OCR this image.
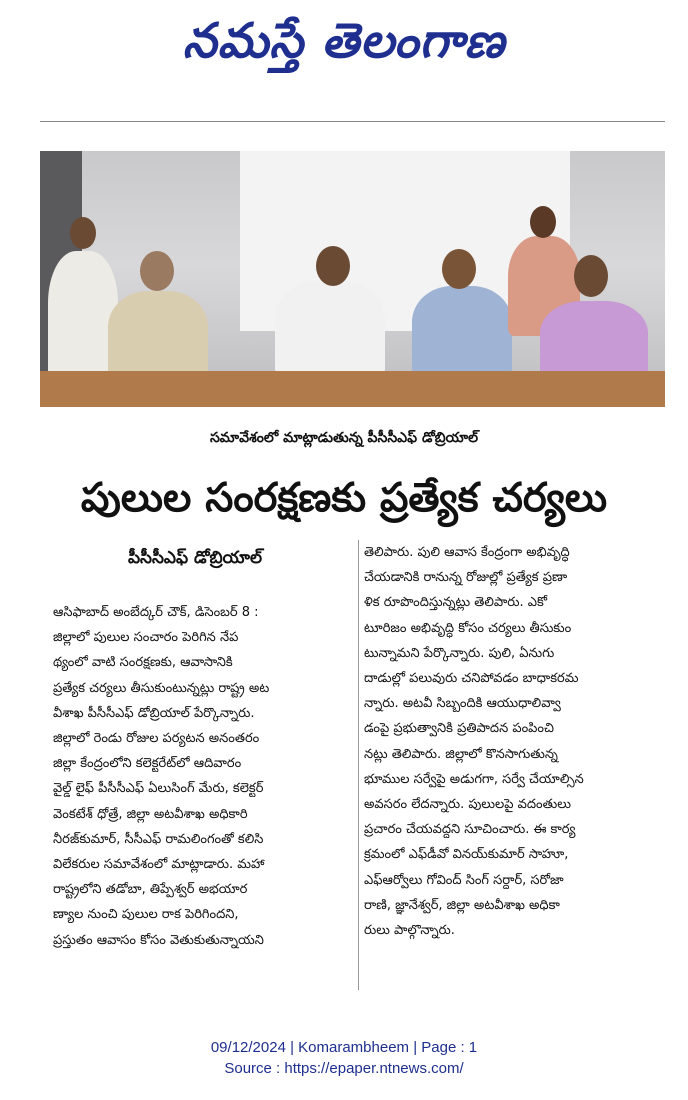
నమస్తే తెలంగాణ
సమావేశంలో మాట్లాడుతున్న పీసీసీఎఫ్ డోబ్రియాల్
పులుల సంరక్షణకు ప్రత్యేక చర్యలు
పీసీసీఎఫ్ డోబ్రియాల్
ఆసిఫాబాద్ అంబేద్కర్ చౌక్, డిసెంబర్ 8 :
జిల్లాలో పులుల సంచారం పెరిగిన నేప
థ్యంలో వాటి సంరక్షణకు, ఆవాసానికి
ప్రత్యేక చర్యలు తీసుకుంటున్నట్లు రాష్ట్ర అట
వీశాఖ పీసీసీఎఫ్ డోబ్రియాల్ పేర్కొన్నారు.
జిల్లాలో రెండు రోజుల పర్యటన అనంతరం
జిల్లా కేంద్రంలోని కలెక్టరేట్‌లో ఆదివారం
వైల్డ్ లైఫ్ పీసీసీఎఫ్ ఏలుసింగ్ మేరు, కలెక్టర్
వెంకటేశ్ ధోత్రే, జిల్లా అటవీశాఖ అధికారి
నీరజ్‌కుమార్, సీసీఎఫ్ రామలింగంతో కలిసి
విలేకరుల సమావేశంలో మాట్లాడారు. మహా
రాష్ట్రలోని తడోబా, తిప్పేశ్వర్ అభయార
ణ్యాల నుంచి పులుల రాక పెరిగిందని,
ప్రస్తుతం ఆవాసం కోసం వెతుకుతున్నాయని
తెలిపారు. పులి ఆవాస కేంద్రంగా అభివృద్ధి
చేయడానికి రానున్న రోజుల్లో ప్రత్యేక ప్రణా
ళిక రూపొందిస్తున్నట్లు తెలిపారు. ఎకో
టూరిజం అభివృద్ధి కోసం చర్యలు తీసుకుం
టున్నామని పేర్కొన్నారు. పులి, ఏనుగు
దాడుల్లో పలువురు చనిపోవడం బాధాకరమ
న్నారు. అటవీ సిబ్బందికి ఆయుధాలివ్వా
డంపై ప్రభుత్వానికి ప్రతిపాదన పంపించి
నట్లు తెలిపారు. జిల్లాలో కొనసాగుతున్న
భూముల సర్వేపై అడుగగా, సర్వే చేయాల్సిన
అవసరం లేదన్నారు. పులులపై వదంతులు
ప్రచారం చేయవద్దని సూచించారు. ఈ కార్య
క్రమంలో ఎఫ్‌డీవో వినయ్‌కుమార్ సాహూ,
ఎఫ్ఆర్వోలు గోవింద్ సింగ్ సర్దార్, సరోజా
రాణి, జ్ఞానేశ్వర్, జిల్లా అటవీశాఖ అధికా
రులు పాల్గొన్నారు.
09/12/2024 | Komarambheem | Page : 1
Source : https://epaper.ntnews.com/
